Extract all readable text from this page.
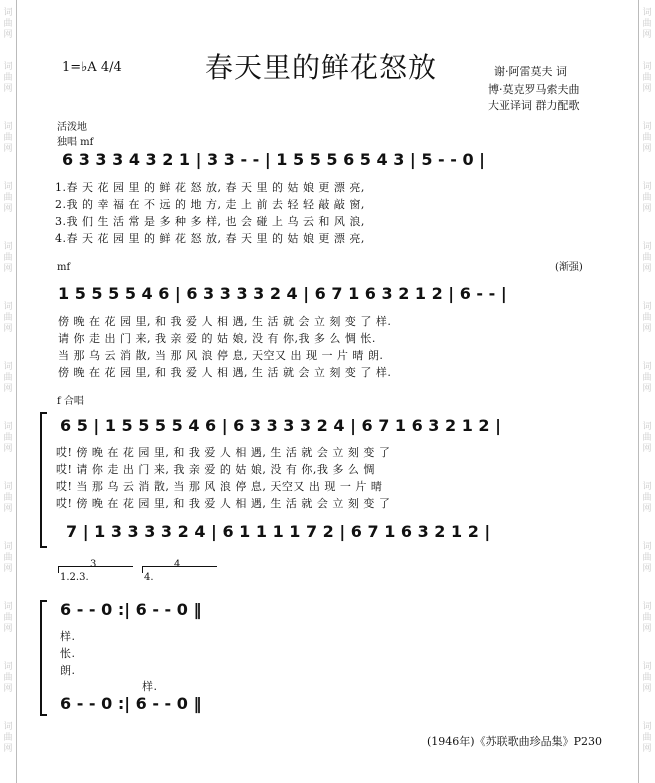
词
曲
网
词
曲
网
词
曲
网
词
曲
网
词
曲
网
词
曲
网
词
曲
网
词
曲
网
词
曲
网
词
曲
网
词
曲
网
词
曲
网
词
曲
网
词
曲
网
词
曲
网
词
曲
网
词
曲
网
词
曲
网
词
曲
网
词
曲
网
词
曲
网
词
曲
网
词
曲
网
词
曲
网
词
曲
网
词
曲
网
1=♭A 4/4	春天里的鲜花怒放	谢·阿雷莫夫 词
博·莫克罗马索夫曲
大亚译词 群力配歌
活泼地
独唱 mf
6 3 3 3 4 3 2 1 | 3 3 - - | 1 5 5 5 6 5 4 3 | 5 - - 0 |
1.春 天 花 园 里 的 鲜 花 怒 放, 春 天 里 的 姑 娘 更 漂 亮,
2.我 的 幸 福 在 不 远 的 地 方, 走 上 前 去 轻 轻 敲 敲 窗,
3.我 们 生 活 常 是 多 种 多 样, 也 会 碰 上 乌 云 和 风 浪,
4.春 天 花 园 里 的 鲜 花 怒 放, 春 天 里 的 姑 娘 更 漂 亮,
mf	(渐强)
1 5 5 5 5 4 6 | 6 3 3 3 3 2 4 | 6 7 1 6 3 2 1 2 | 6 - - |
傍 晚 在 花 园 里, 和 我 爱 人 相 遇, 生 活 就 会 立 刻 变 了 样.
请 你 走 出 门 来, 我 亲 爱 的 姑 娘, 没 有 你,我 多 么 惆 怅.
当 那 乌 云 消 散, 当 那 风 浪 停 息, 天空又 出 现 一 片 晴 朗.
傍 晚 在 花 园 里, 和 我 爱 人 相 遇, 生 活 就 会 立 刻 变 了 样.
f 合唱
6 5 | 1 5 5 5 5 4 6 | 6 3 3 3 3 2 4 | 6 7 1 6 3 2 1 2 |
哎! 傍 晚 在 花 园 里, 和 我 爱 人 相 遇, 生 活 就 会 立 刻 变 了
哎! 请 你 走 出 门 来, 我 亲 爱 的 姑 娘, 没 有 你,我 多 么 惆
哎! 当 那 乌 云 消 散, 当 那 风 浪 停 息, 天空又 出 现 一 片 晴
哎! 傍 晚 在 花 园 里, 和 我 爱 人 相 遇, 生 活 就 会 立 刻 变 了
7 | 1 3 3 3 3 2 4 | 6 1 1 1 1 7 2 | 6 7 1 6 3 2 1 2 |
3
1.2.3.
4
4.
6 - - 0 :| 6 - - 0 ‖
样.
怅.
朗.
样.
6 - - 0 :| 6 - - 0 ‖
(1946年)《苏联歌曲珍品集》P230
